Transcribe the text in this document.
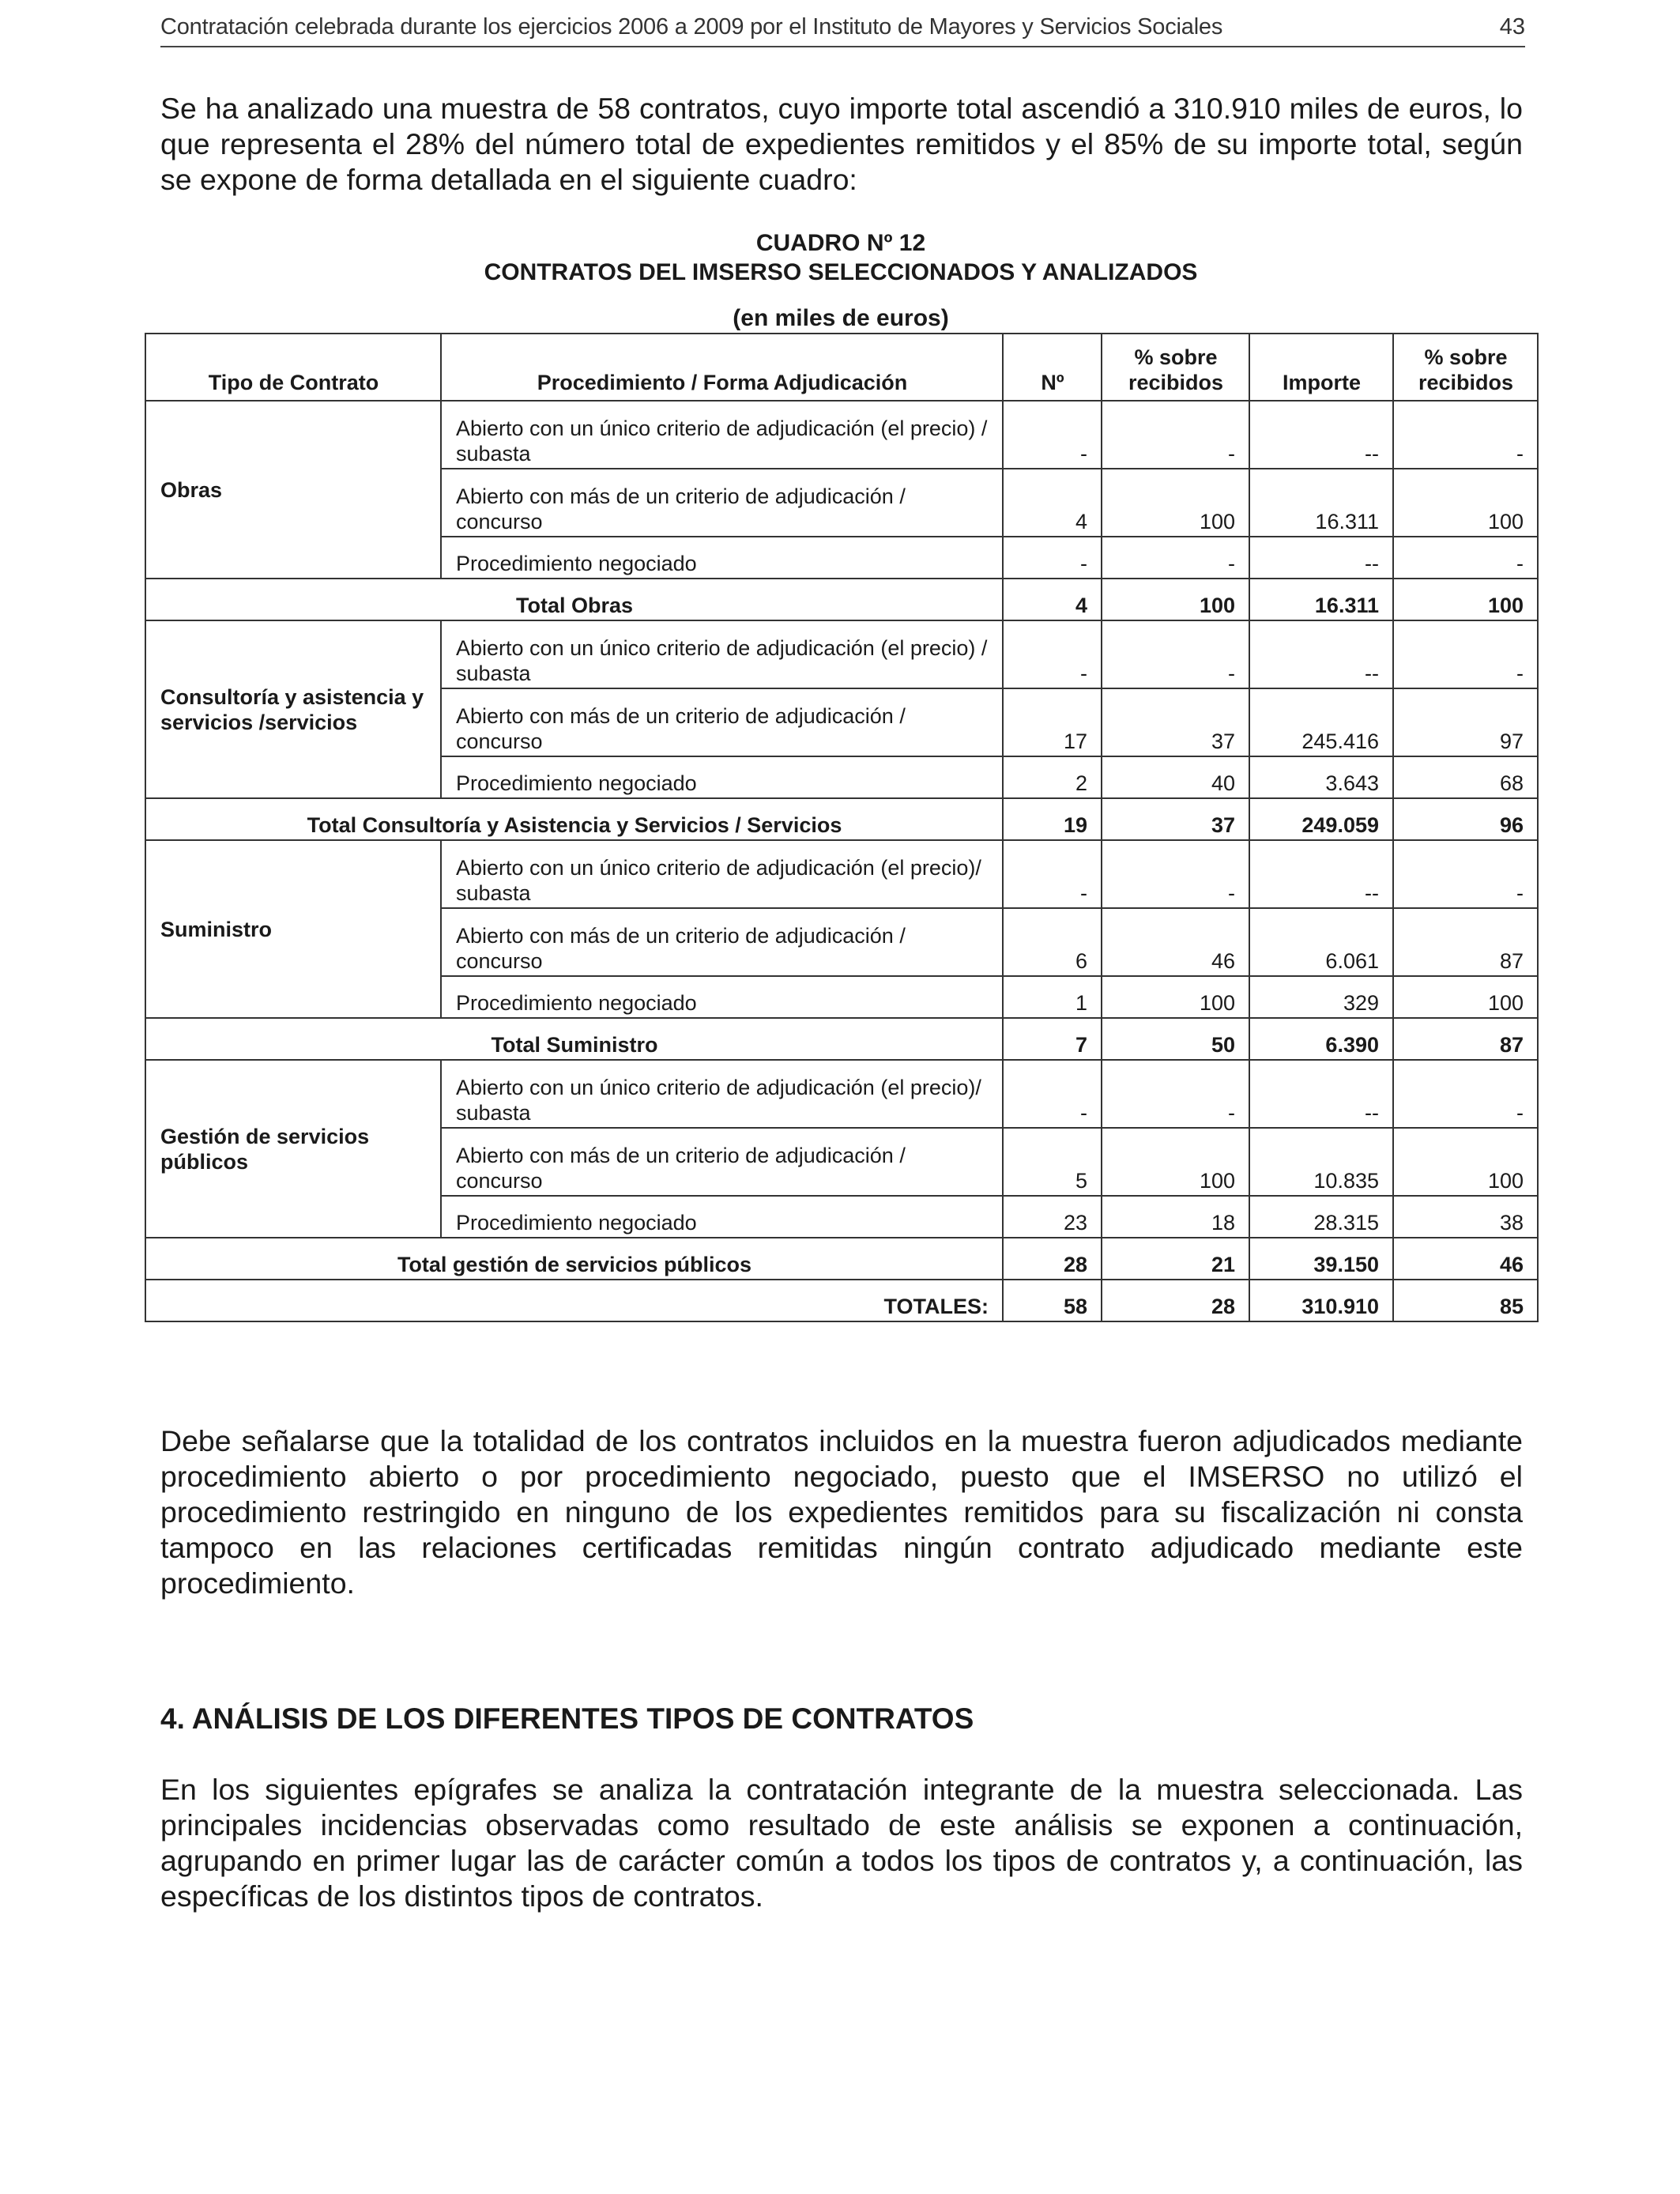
Contratación celebrada durante los ejercicios 2006 a 2009 por el Instituto de Mayores y Servicios Sociales	43

Se ha analizado una muestra de 58 contratos, cuyo importe total ascendió a 310.910 miles de euros, lo que representa el 28% del número total de expedientes remitidos y el 85% de su importe total, según se expone de forma detallada en el siguiente cuadro:

CUADRO Nº 12
CONTRATOS DEL IMSERSO SELECCIONADOS Y ANALIZADOS
(en miles de euros)
Tipo de Contrato	Procedimiento / Forma Adjudicación	Nº	% sobre recibidos	Importe	% sobre recibidos
Obras	Abierto con un único criterio de adjudicación (el precio) / subasta	-	-	--	-
	Abierto con más de un criterio de adjudicación / concurso	4	100	16.311	100
	Procedimiento negociado	-	-	--	-
Total Obras		4	100	16.311	100
Consultoría y asistencia y servicios /servicios	Abierto con un único criterio de adjudicación (el precio) / subasta	-	-	--	-
	Abierto con más de un criterio de adjudicación / concurso	17	37	245.416	97
	Procedimiento negociado	2	40	3.643	68
Total Consultoría y Asistencia y Servicios / Servicios		19	37	249.059	96
Suministro	Abierto con un único criterio de adjudicación (el precio)/ subasta	-	-	--	-
	Abierto con más de un criterio de adjudicación / concurso	6	46	6.061	87
	Procedimiento negociado	1	100	329	100
Total Suministro		7	50	6.390	87
Gestión de servicios públicos	Abierto con un único criterio de adjudicación (el precio)/ subasta	-	-	--	-
	Abierto con más de un criterio de adjudicación / concurso	5	100	10.835	100
	Procedimiento negociado	23	18	28.315	38
Total gestión de servicios públicos		28	21	39.150	46
TOTALES:		58	28	310.910	85

Debe señalarse que la totalidad de los contratos incluidos en la muestra fueron adjudicados mediante procedimiento abierto o por procedimiento negociado, puesto que el IMSERSO no utilizó el procedimiento restringido en ninguno de los expedientes remitidos para su fiscalización ni consta tampoco en las relaciones certificadas remitidas ningún contrato adjudicado mediante este procedimiento.

4. ANÁLISIS DE LOS DIFERENTES TIPOS DE CONTRATOS

En los siguientes epígrafes se analiza la contratación integrante de la muestra seleccionada. Las principales incidencias observadas como resultado de este análisis se exponen a continuación, agrupando en primer lugar las de carácter común a todos los tipos de contratos y, a continuación, las específicas de los distintos tipos de contratos.
